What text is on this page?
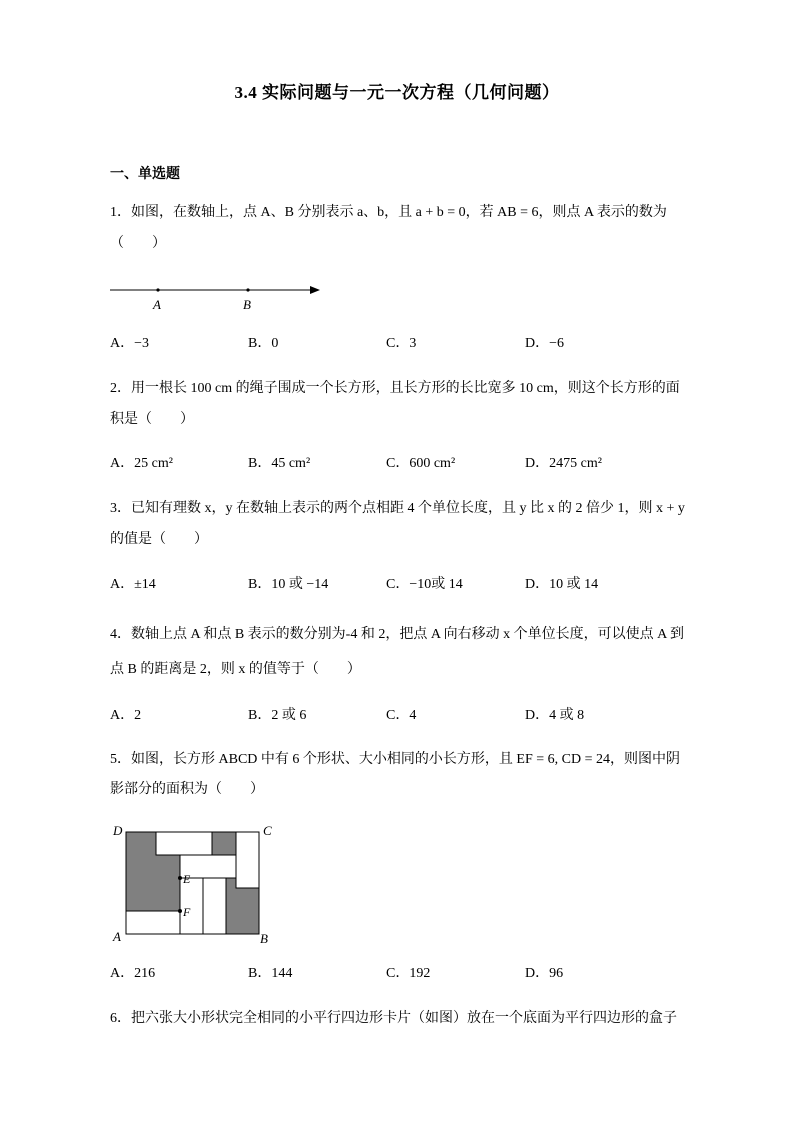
3.4 实际问题与一元一次方程（几何问题）
一、单选题
1．如图，在数轴上，点 A、B 分别表示 a、b，且 a + b = 0，若 AB = 6，则点 A 表示的数为
（　　）
A	B
A．−3	B．0	C．3	D．−6
2．用一根长 100 cm 的绳子围成一个长方形，且长方形的长比宽多 10 cm，则这个长方形的面
积是（　　）
A．25 cm²	B．45 cm²	C．600 cm²	D．2475 cm²
3．已知有理数 x，y 在数轴上表示的两个点相距 4 个单位长度，且 y 比 x 的 2 倍少 1，则 x + y
的值是（　　）
A．±14	B．10 或 −14	C．−10或 14	D．10 或 14
4．数轴上点 A 和点 B 表示的数分别为-4 和 2，把点 A 向右移动 x 个单位长度，可以使点 A 到
点 B 的距离是 2，则 x 的值等于（　　）
A．2	B．2 或 6	C．4	D．4 或 8
5．如图，长方形 ABCD 中有 6 个形状、大小相同的小长方形，且 EF = 6, CD = 24，则图中阴
影部分的面积为（　　）
D	C
A	B
E
F
A．216	B．144	C．192	D．96
6．把六张大小形状完全相同的小平行四边形卡片（如图）放在一个底面为平行四边形的盒子
